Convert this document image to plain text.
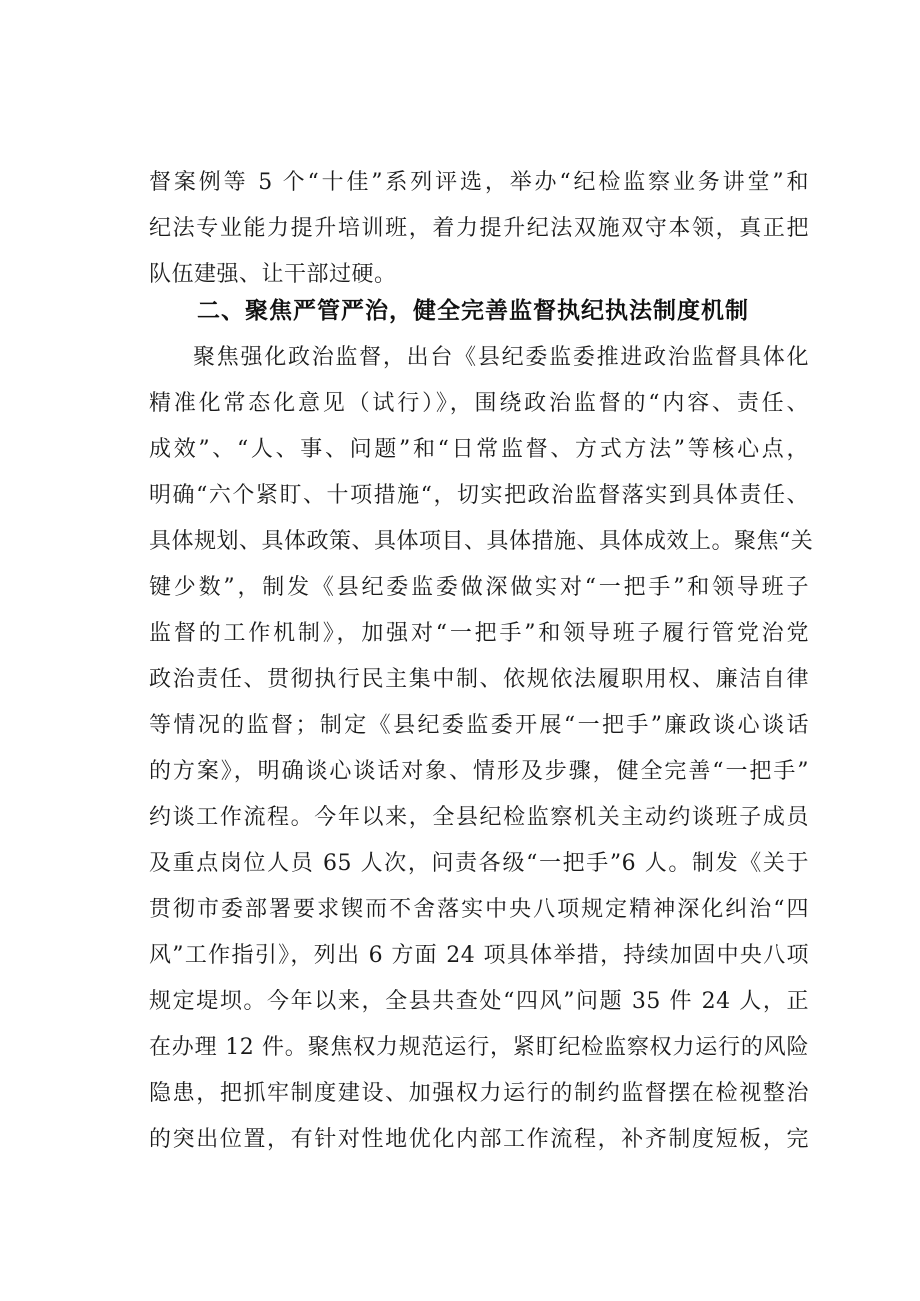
督案例等 5 个“十佳”系列评选，举办“纪检监察业务讲堂”和
纪法专业能力提升培训班，着力提升纪法双施双守本领，真正把
队伍建强、让干部过硬。
二、聚焦严管严治，健全完善监督执纪执法制度机制
聚焦强化政治监督，出台《县纪委监委推进政治监督具体化
精准化常态化意见（试行）》，围绕政治监督的“内容、责任、
成效”、“人、事、问题”和“日常监督、方式方法”等核心点，
明确“六个紧盯、十项措施“，切实把政治监督落实到具体责任、
具体规划、具体政策、具体项目、具体措施、具体成效上。聚焦“关
键少数”，制发《县纪委监委做深做实对“一把手”和领导班子
监督的工作机制》，加强对“一把手”和领导班子履行管党治党
政治责任、贯彻执行民主集中制、依规依法履职用权、廉洁自律
等情况的监督；制定《县纪委监委开展“一把手”廉政谈心谈话
的方案》，明确谈心谈话对象、情形及步骤，健全完善“一把手”
约谈工作流程。今年以来，全县纪检监察机关主动约谈班子成员
及重点岗位人员 65 人次，问责各级“一把手”6 人。制发《关于
贯彻市委部署要求锲而不舍落实中央八项规定精神深化纠治“四
风”工作指引》，列出 6 方面 24 项具体举措，持续加固中央八项
规定堤坝。今年以来，全县共查处“四风”问题 35 件 24 人，正
在办理 12 件。聚焦权力规范运行，紧盯纪检监察权力运行的风险
隐患，把抓牢制度建设、加强权力运行的制约监督摆在检视整治
的突出位置，有针对性地优化内部工作流程，补齐制度短板，完
